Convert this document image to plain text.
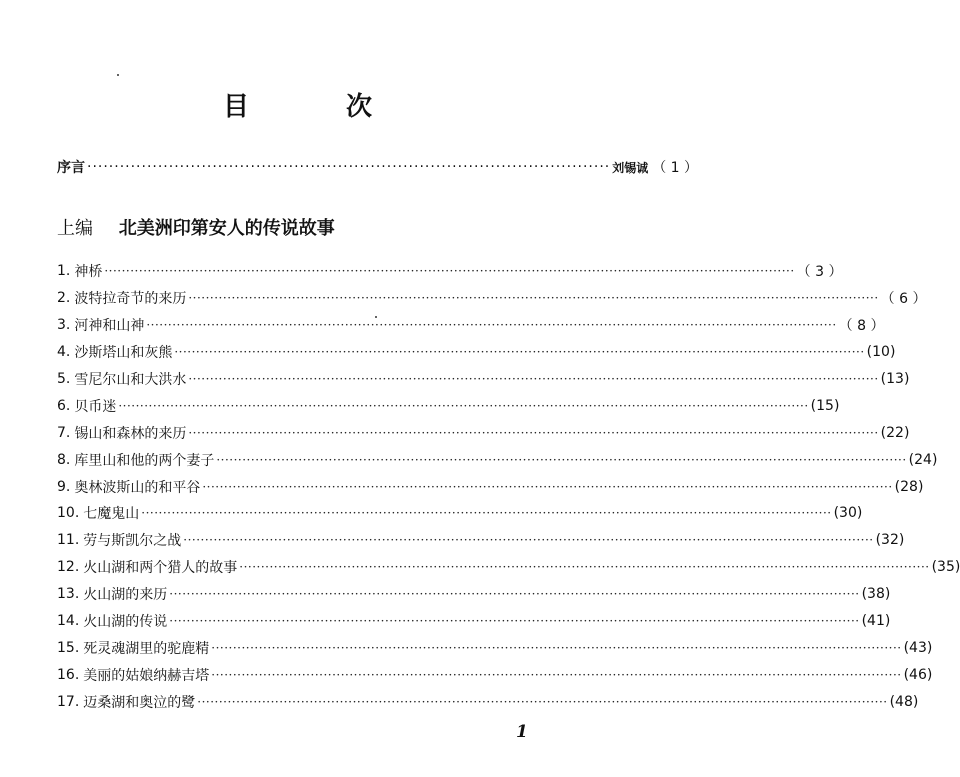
目 次
序言 ································································································ 刘锡诚 （ 1 ）
上编 北美洲印第安人的传说故事
1. 神桥 ································································································································································ （ 3 ）
2. 波特拉奇节的来历 ································································································································································ （ 6 ）
3. 河神和山神 ································································································································································ （ 8 ）
4. 沙斯塔山和灰熊 ································································································································································ (10)
5. 雪尼尔山和大洪水 ································································································································································ (13)
6. 贝币迷 ································································································································································ (15)
7. 锡山和森林的来历 ································································································································································ (22)
8. 库里山和他的两个妻子 ································································································································································ (24)
9. 奥林波斯山的和平谷 ································································································································································ (28)
10. 七魔鬼山 ································································································································································ (30)
11. 劳与斯凯尔之战 ································································································································································ (32)
12. 火山湖和两个猎人的故事 ································································································································································ (35)
13. 火山湖的来历 ································································································································································ (38)
14. 火山湖的传说 ································································································································································ (41)
15. 死灵魂湖里的驼鹿精 ································································································································································ (43)
16. 美丽的姑娘纳赫吉塔 ································································································································································ (46)
17. 迈桑湖和奥泣的鹭 ································································································································································ (48)
1
